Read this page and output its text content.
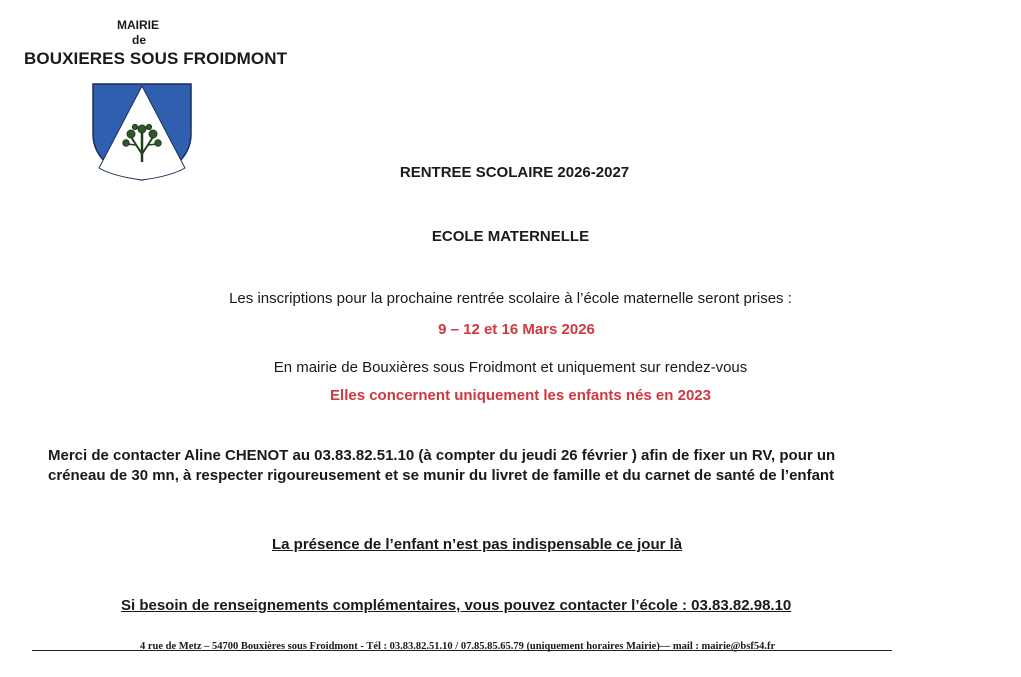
MAIRIE
de
BOUXIERES SOUS FROIDMONT
RENTREE SCOLAIRE 2026-2027
ECOLE MATERNELLE
Les inscriptions pour la prochaine rentrée scolaire à l’école maternelle seront prises :
9 – 12 et 16 Mars 2026
En mairie de Bouxières sous Froidmont et uniquement sur rendez-vous
Elles concernent uniquement les enfants nés en 2023
Merci de contacter Aline CHENOT au 03.83.82.51.10 (à compter du jeudi 26 février ) afin de fixer un RV, pour un
créneau de 30 mn, à respecter rigoureusement et se munir du livret de famille et du carnet de santé de l’enfant
La présence de l’enfant n’est pas indispensable ce jour là
Si besoin de renseignements complémentaires, vous pouvez contacter l’école : 03.83.82.98.10
4 rue de Metz – 54700 Bouxières sous Froidmont - Tél : 03.83.82.51.10 / 07.85.85.65.79 (uniquement horaires Mairie)— mail : mairie@bsf54.fr
